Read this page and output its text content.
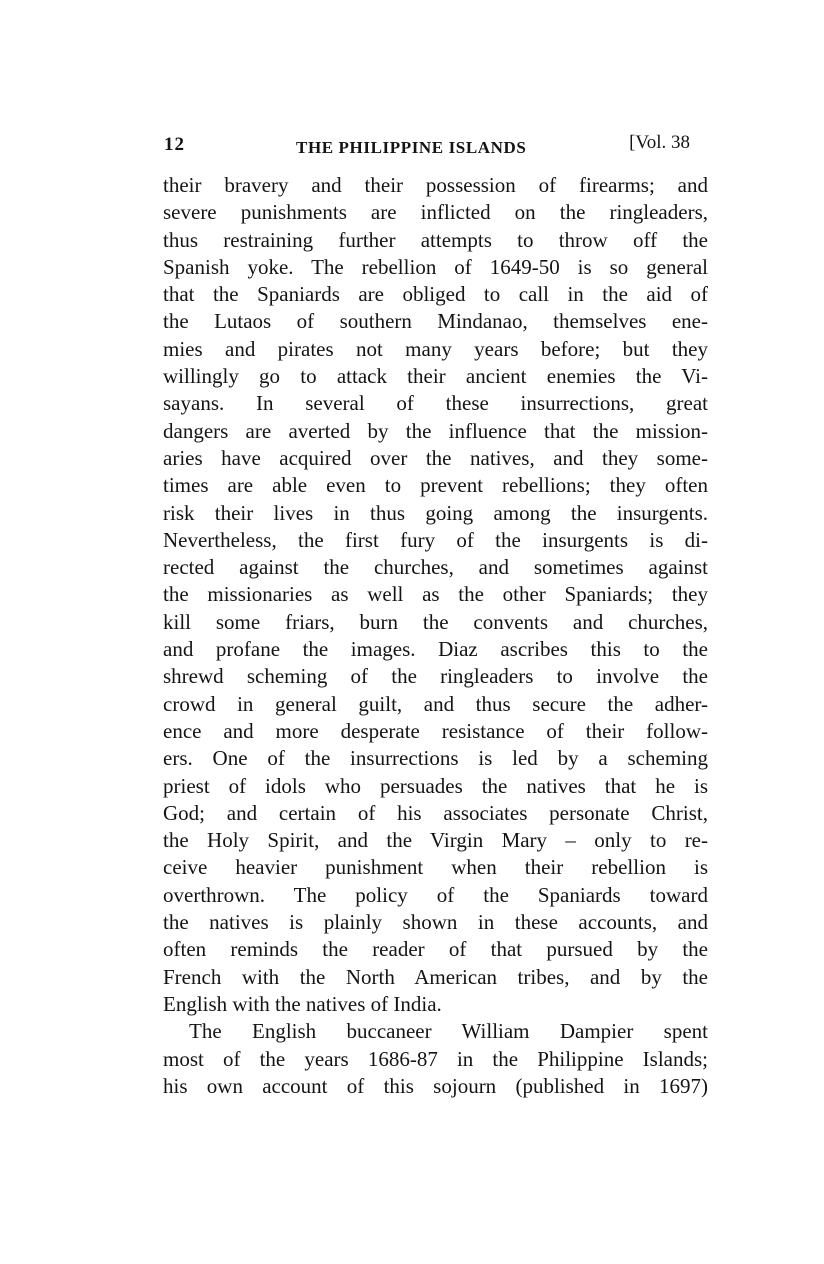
12	THE PHILIPPINE ISLANDS	[Vol. 38
their bravery and their possession of firearms; and
severe punishments are inflicted on the ringleaders,
thus restraining further attempts to throw off the
Spanish yoke. The rebellion of 1649-50 is so general
that the Spaniards are obliged to call in the aid of
the Lutaos of southern Mindanao, themselves ene-
mies and pirates not many years before; but they
willingly go to attack their ancient enemies the Vi-
sayans. In several of these insurrections, great
dangers are averted by the influence that the mission-
aries have acquired over the natives, and they some-
times are able even to prevent rebellions; they often
risk their lives in thus going among the insurgents.
Nevertheless, the first fury of the insurgents is di-
rected against the churches, and sometimes against
the missionaries as well as the other Spaniards; they
kill some friars, burn the convents and churches,
and profane the images. Diaz ascribes this to the
shrewd scheming of the ringleaders to involve the
crowd in general guilt, and thus secure the adher-
ence and more desperate resistance of their follow-
ers. One of the insurrections is led by a scheming
priest of idols who persuades the natives that he is
God; and certain of his associates personate Christ,
the Holy Spirit, and the Virgin Mary – only to re-
ceive heavier punishment when their rebellion is
overthrown. The policy of the Spaniards toward
the natives is plainly shown in these accounts, and
often reminds the reader of that pursued by the
French with the North American tribes, and by the
English with the natives of India.
The English buccaneer William Dampier spent
most of the years 1686-87 in the Philippine Islands;
his own account of this sojourn (published in 1697)
